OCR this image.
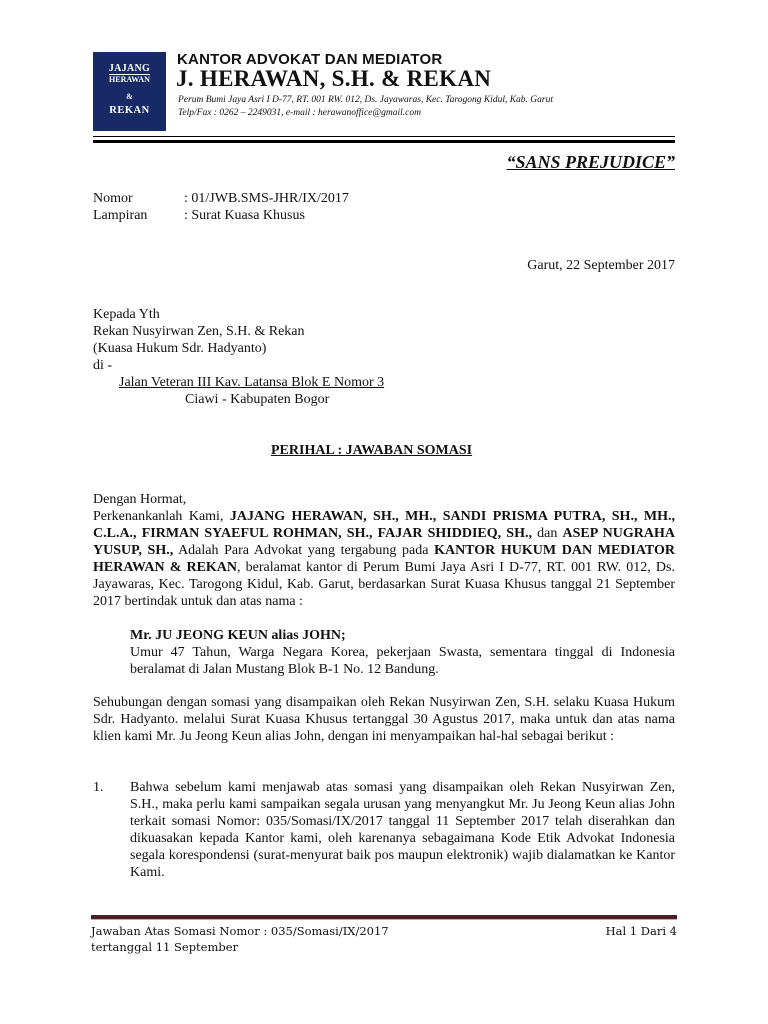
JAJANG
HERAWAN
&
REKAN
KANTOR ADVOKAT DAN MEDIATOR
J. HERAWAN, S.H. & REKAN
Perum Bumi Jaya Asri I D-77, RT. 001 RW. 012, Ds. Jayawaras, Kec. Tarogong Kidul, Kab. Garut
Telp/Fax : 0262 – 2249031, e-mail : herawanoffice@gmail.com
“SANS PREJUDICE”
Nomor	: 01/JWB.SMS-JHR/IX/2017
Lampiran	: Surat Kuasa Khusus
Garut, 22 September 2017
Kepada Yth
Rekan Nusyirwan Zen, S.H. & Rekan
(Kuasa Hukum Sdr. Hadyanto)
di -
Jalan Veteran III Kav. Latansa Blok E Nomor 3
Ciawi - Kabupaten Bogor
PERIHAL : JAWABAN SOMASI
Dengan Hormat,
Perkenankanlah Kami, JAJANG HERAWAN, SH., MH., SANDI PRISMA PUTRA, SH., MH., C.L.A., FIRMAN SYAEFUL ROHMAN, SH., FAJAR SHIDDIEQ, SH., dan ASEP NUGRAHA YUSUP, SH., Adalah Para Advokat yang tergabung pada KANTOR HUKUM DAN MEDIATOR HERAWAN & REKAN, beralamat kantor di Perum Bumi Jaya Asri I D-77, RT. 001 RW. 012, Ds. Jayawaras, Kec. Tarogong Kidul, Kab. Garut, berdasarkan Surat Kuasa Khusus tanggal 21 September 2017 bertindak untuk dan atas nama :
Mr. JU JEONG KEUN alias JOHN;
Umur 47 Tahun, Warga Negara Korea, pekerjaan Swasta, sementara tinggal di Indonesia beralamat di Jalan Mustang Blok B-1 No. 12 Bandung.
Sehubungan dengan somasi yang disampaikan oleh Rekan Nusyirwan Zen, S.H. selaku Kuasa Hukum Sdr. Hadyanto. melalui Surat Kuasa Khusus tertanggal 30 Agustus 2017, maka untuk dan atas nama klien kami Mr. Ju Jeong Keun alias John, dengan ini menyampaikan hal-hal sebagai berikut :
1.	Bahwa sebelum kami menjawab atas somasi yang disampaikan oleh Rekan Nusyirwan Zen, S.H., maka perlu kami sampaikan segala urusan yang menyangkut Mr. Ju Jeong Keun alias John terkait somasi Nomor: 035/Somasi/IX/2017 tanggal 11 September 2017 telah diserahkan dan dikuasakan kepada Kantor kami, oleh karenanya sebagaimana Kode Etik Advokat Indonesia segala korespondensi (surat-menyurat baik pos maupun elektronik) wajib dialamatkan ke Kantor Kami.
Jawaban Atas Somasi Nomor : 035/Somasi/IX/2017
tertanggal 11 September
Hal 1 Dari 4
